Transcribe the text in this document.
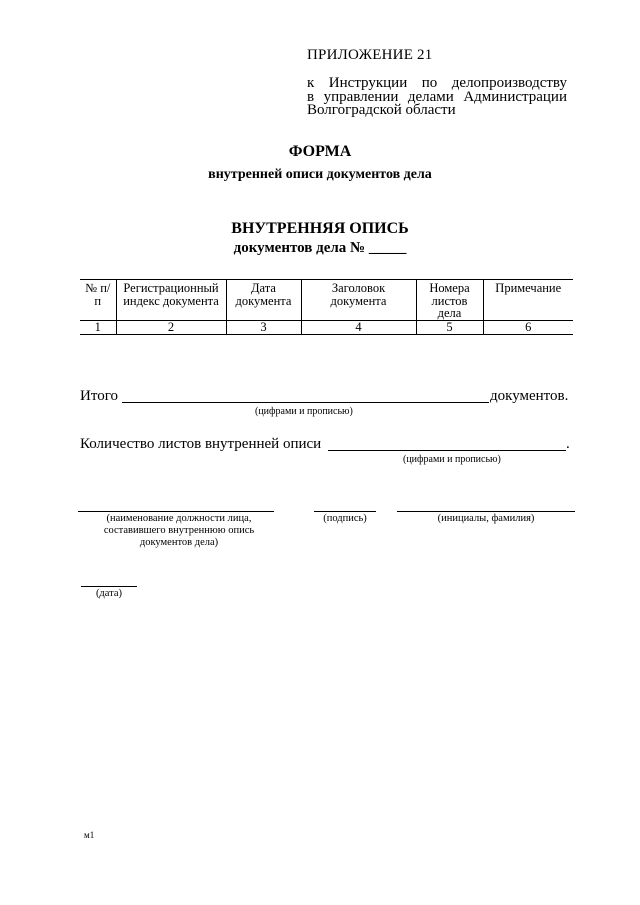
ПРИЛОЖЕНИЕ 21
к Инструкции по делопроизводству
в управлении делами Администрации
Волгоградской области
ФОРМА
внутренней описи документов дела
ВНУТРЕННЯЯ ОПИСЬ
документов дела № _____
№ п/п	Регистрационный индекс документа	Дата документа	Заголовок документа	Номера листов дела	Примечание
1	2	3	4	5	6
Итого	документов.
(цифрами и прописью)
Количество листов внутренней описи	.
(цифрами и прописью)
(наименование должности лица, составившего внутреннюю опись документов дела)
(подпись)	(инициалы, фамилия)
(дата)
м1
